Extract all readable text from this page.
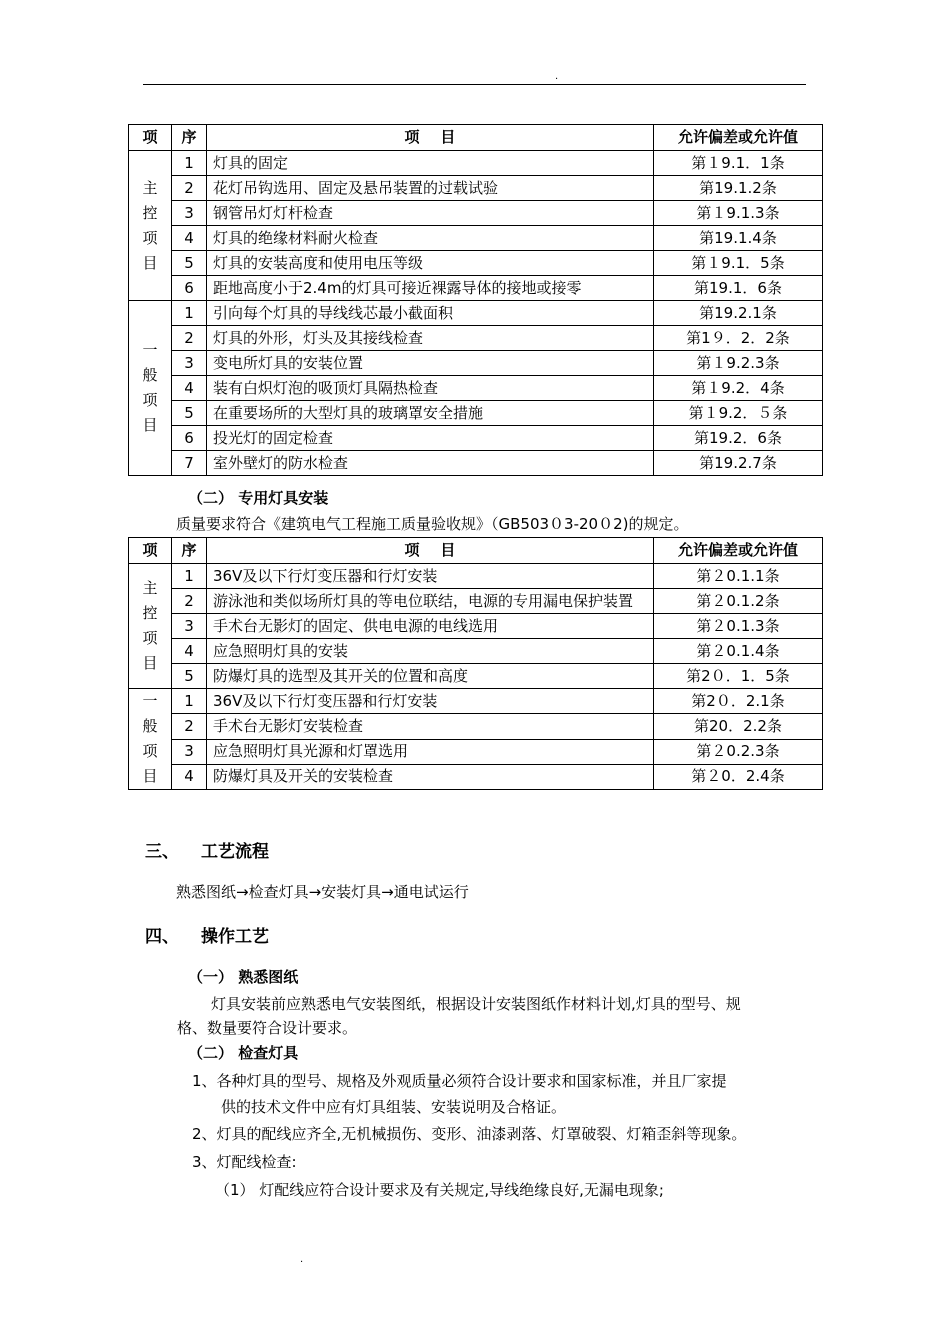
.
项	序	项    目	允许偏差或允许值

主控项目	1	灯具的固定	第１9.1．1条
	2	花灯吊钩选用、固定及悬吊装置的过载试验	第19.1.2条
	3	钢管吊灯灯杆检查	第１9.1.3条
	4	灯具的绝缘材料耐火检查	第19.1.4条
	5	灯具的安装高度和使用电压等级	第１9.1．5条
	6	距地高度小于2.4m的灯具可接近裸露导体的接地或接零	第19.1．6条

一般项目	1	引向每个灯具的导线线芯最小截面积	第19.2.1条
	2	灯具的外形，灯头及其接线检查	第1９．2．2条
	3	变电所灯具的安装位置	第１9.2.3条
	4	装有白炽灯泡的吸顶灯具隔热检查	第１9.2．4条
	5	在重要场所的大型灯具的玻璃罩安全措施	第１9.2．５条
	6	投光灯的固定检查	第19.2．6条
	7	室外壁灯的防水检查	第19.2.7条
（二） 专用灯具安装
质量要求符合《建筑电气工程施工质量验收规》（GB503０3-20０2)的规定。
项	序	项    目	允许偏差或允许值

主控项目	1	36V及以下行灯变压器和行灯安装	第２0.1.1条
	2	游泳池和类似场所灯具的等电位联结，电源的专用漏电保护装置	第２0.1.2条
	3	手术台无影灯的固定、供电电源的电线选用	第２0.1.3条
	4	应急照明灯具的安装	第２0.1.4条
	5	防爆灯具的选型及其开关的位置和高度	第2０．1．5条

一般项目	1	36V及以下行灯变压器和行灯安装	第2０．2.1条
	2	手术台无影灯安装检查	第20．2.2条
	3	应急照明灯具光源和灯罩选用	第２0.2.3条
	4	防爆灯具及开关的安装检查	第２0．2.4条
三、 工艺流程
熟悉图纸→检查灯具→安装灯具→通电试运行
四、 操作工艺
（一） 熟悉图纸
灯具安装前应熟悉电气安装图纸，根据设计安装图纸作材料计划,灯具的型号、规
格、数量要符合设计要求。
（二） 检查灯具
1、各种灯具的型号、规格及外观质量必须符合设计要求和国家标准，并且厂家提
供的技术文件中应有灯具组装、安装说明及合格证。
2、灯具的配线应齐全,无机械损伤、变形、油漆剥落、灯罩破裂、灯箱歪斜等现象。
3、灯配线检查:
（1） 灯配线应符合设计要求及有关规定,导线绝缘良好,无漏电现象;
.
